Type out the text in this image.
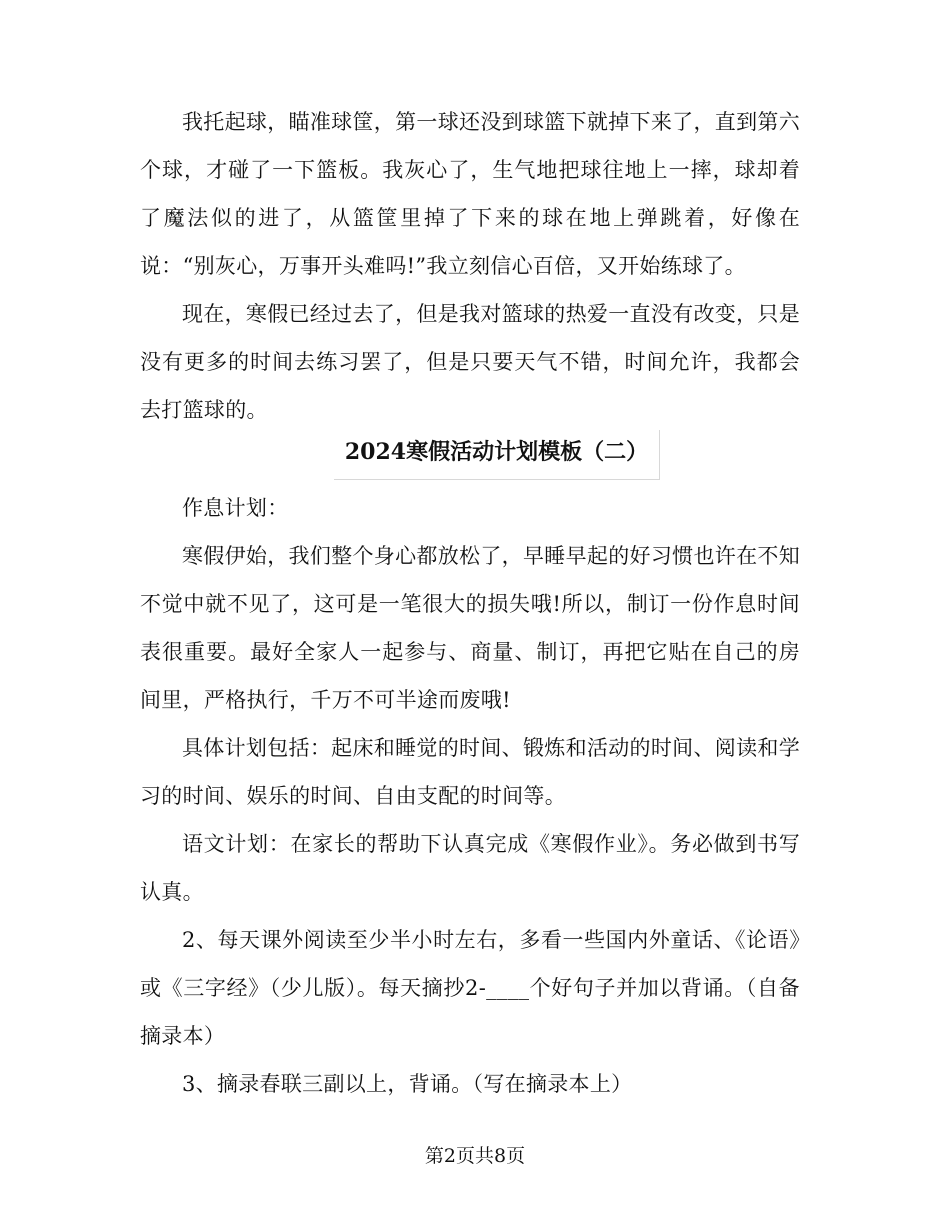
我托起球，瞄准球筐，第一球还没到球篮下就掉下来了，直到第六个球，才碰了一下篮板。我灰心了，生气地把球往地上一摔，球却着了魔法似的进了，从篮筐里掉了下来的球在地上弹跳着，好像在说：“别灰心，万事开头难吗!”我立刻信心百倍，又开始练球了。

现在，寒假已经过去了，但是我对篮球的热爱一直没有改变，只是没有更多的时间去练习罢了，但是只要天气不错，时间允许，我都会去打篮球的。

2024寒假活动计划模板（二）

作息计划：

寒假伊始，我们整个身心都放松了，早睡早起的好习惯也许在不知不觉中就不见了，这可是一笔很大的损失哦!所以，制订一份作息时间表很重要。最好全家人一起参与、商量、制订，再把它贴在自己的房间里，严格执行，千万不可半途而废哦!

具体计划包括：起床和睡觉的时间、锻炼和活动的时间、阅读和学习的时间、娱乐的时间、自由支配的时间等。

语文计划：在家长的帮助下认真完成《寒假作业》。务必做到书写认真。

2、每天课外阅读至少半小时左右，多看一些国内外童话、《论语》或《三字经》（少儿版）。每天摘抄2-____个好句子并加以背诵。（自备摘录本）

3、摘录春联三副以上，背诵。（写在摘录本上）

第2页共8页
